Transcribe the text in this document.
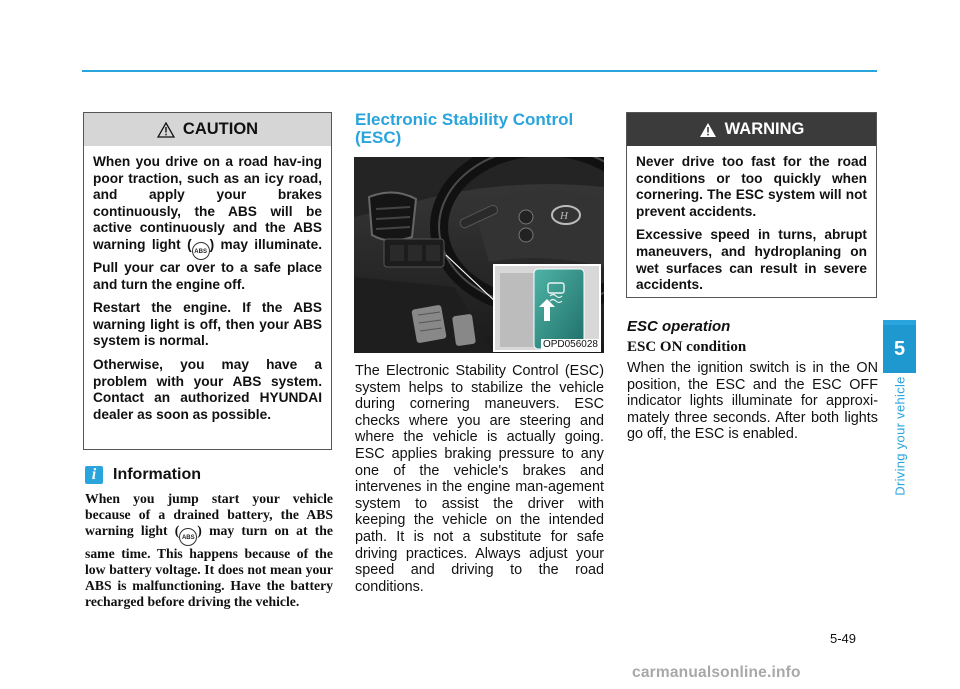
CAUTION

When you drive on a road hav-ing poor traction, such as an icy road, and apply your brakes continuously, the ABS will be active continuously and the ABS warning light ( ABS ) may illuminate. Pull your car over to a safe place and turn the engine off.

Restart the engine. If the ABS warning light is off, then your ABS system is normal.

Otherwise, you may have a problem with your ABS system. Contact an authorized HYUNDAI dealer as soon as possible.

i	Information

When you jump start your vehicle because of a drained battery, the ABS warning light ( ABS ) may turn on at the same time. This happens because of the low battery voltage. It does not mean your ABS is malfunctioning. Have the battery recharged before driving the vehicle.

Electronic Stability Control (ESC)
H
OPD056028

The Electronic Stability Control (ESC) system helps to stabilize the vehicle during cornering maneuvers. ESC checks where you are steering and where the vehicle is actually going. ESC applies braking pressure to any one of the vehicle's brakes and intervenes in the engine man-agement system to assist the driver with keeping the vehicle on the intended path. It is not a substitute for safe driving practices. Always adjust your speed and driving to the road conditions.

WARNING

Never drive too fast for the road conditions or too quickly when cornering. The ESC system will not prevent accidents.

Excessive speed in turns, abrupt maneuvers, and hydroplaning on wet surfaces can result in severe accidents.

ESC operation
ESC ON condition

When the ignition switch is in the ON position, the ESC and the ESC OFF indicator lights illuminate for approxi-mately three seconds. After both lights go off, the ESC is enabled.

5
Driving your vehicle
5-49
carmanualsonline.info
